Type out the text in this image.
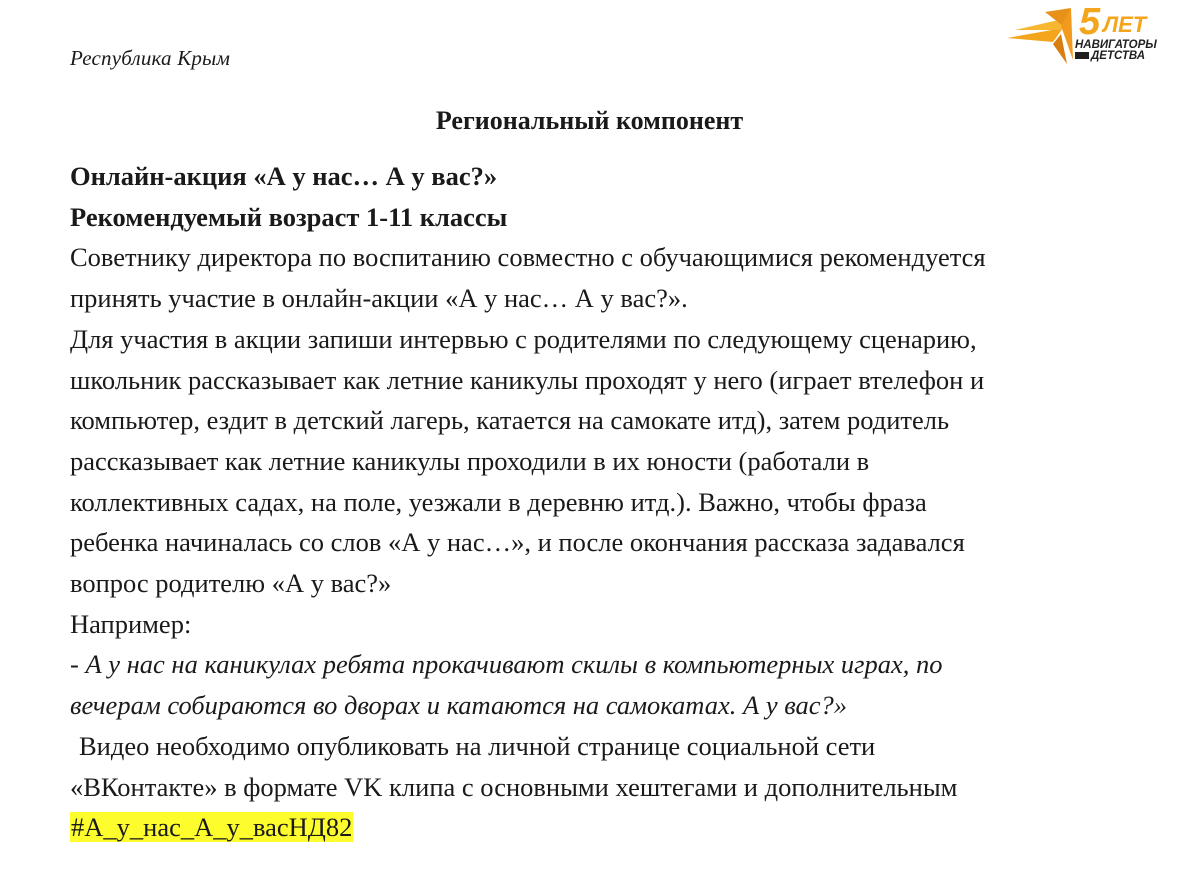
Республика Крым
5 ЛЕТ
НАВИГАТОРЫ
ДЕТСТВА
Региональный компонент
Онлайн-акция «А у нас… А у вас?»
Рекомендуемый возраст 1-11 классы
Советнику директора по воспитанию совместно с обучающимися рекомендуется
принять участие в онлайн-акции «А у нас… А у вас?».
Для участия в акции запиши интервью с родителями по следующему сценарию,
школьник рассказывает как летние каникулы проходят у него (играет втелефон и
компьютер, ездит в детский лагерь, катается на самокате итд), затем родитель
рассказывает как летние каникулы проходили в их юности (работали в
коллективных садах, на поле, уезжали в деревню итд.). Важно, чтобы фраза
ребенка начиналась со слов «А у нас…», и после окончания рассказа задавался
вопрос родителю «А у вас?»
Например:
- А у нас на каникулах ребята прокачивают скилы в компьютерных играх, по
вечерам собираются во дворах и катаются на самокатах. А у вас?»
Видео необходимо опубликовать на личной странице социальной сети
«ВКонтакте» в формате VK клипа с основными хештегами и дополнительным
#А_у_нас_А_у_васНД82
